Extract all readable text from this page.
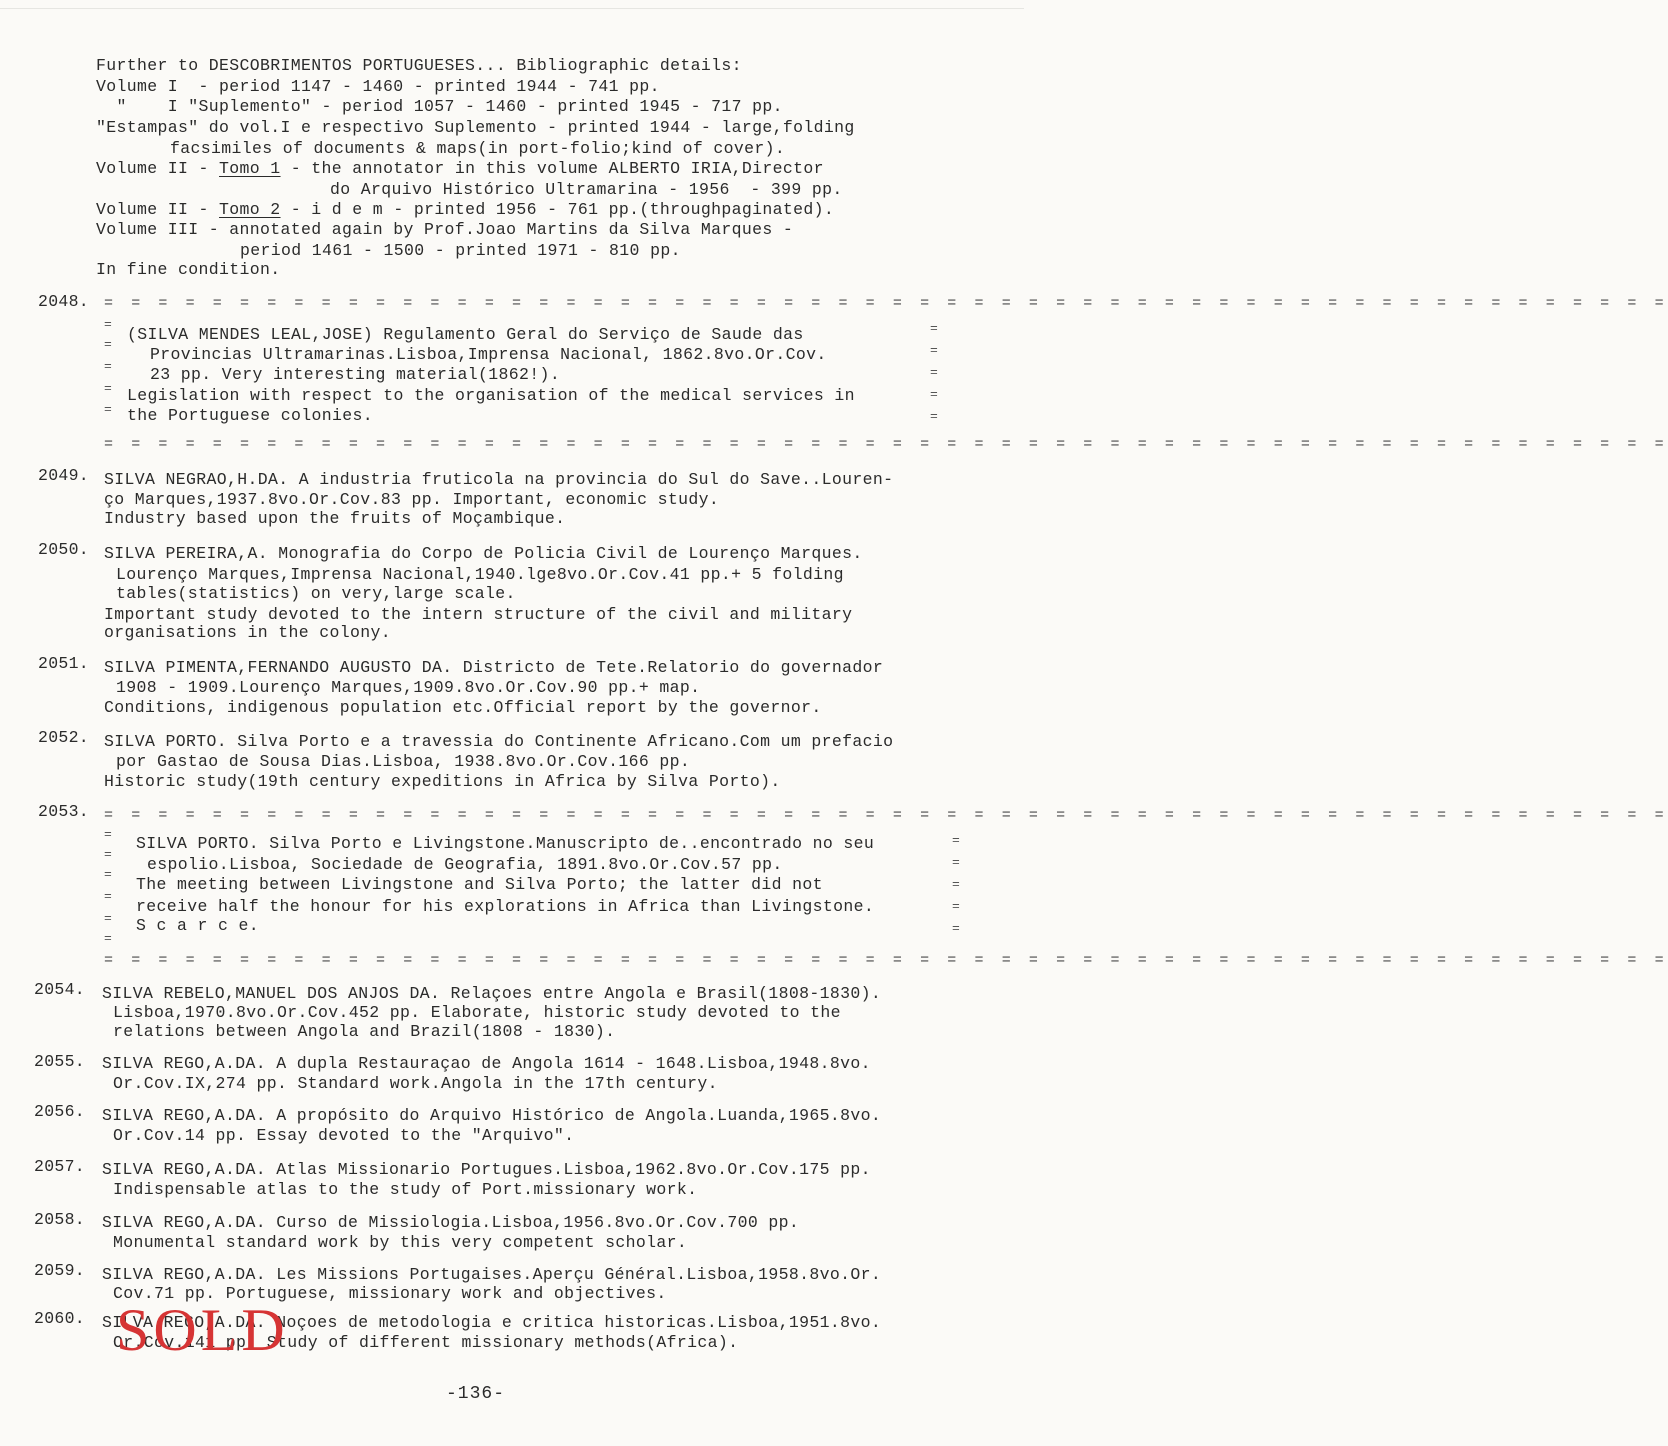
Further to DESCOBRIMENTOS PORTUGUESES... Bibliographic details:
Volume I  - period 1147 - 1460 - printed 1944 - 741 pp.
"    I "Suplemento" - period 1057 - 1460 - printed 1945 - 717 pp.
"Estampas" do vol.I e respectivo Suplemento - printed 1944 - large,folding
facsimiles of documents & maps(in port-folio;kind of cover).
Volume II - Tomo 1 - the annotator in this volume ALBERTO IRIA,Director
do Arquivo Histórico Ultramarina - 1956  - 399 pp.
Volume II - Tomo 2 - i d e m - printed 1956 - 761 pp.(throughpaginated).
Volume III - annotated again by Prof.Joao Martins da Silva Marques -
period 1461 - 1500 - printed 1971 - 810 pp.
In fine condition.
2048. = = = = = = = = = = = = = = = = = = = = = = = = = = = = = = = = = = = = = = = = = = = = = = = = = = = = = = = = = =
=
=
=
=
=
=
=
=
=
=
(SILVA MENDES LEAL,JOSE) Regulamento Geral do Serviço de Saude das
Provincias Ultramarinas.Lisboa,Imprensa Nacional, 1862.8vo.Or.Cov.
23 pp. Very interesting material(1862!).
Legislation with respect to the organisation of the medical services in
the Portuguese colonies.
= = = = = = = = = = = = = = = = = = = = = = = = = = = = = = = = = = = = = = = = = = = = = = = = = = = = = = = = = =
2049. SILVA NEGRAO,H.DA. A industria fruticola na provincia do Sul do Save..Louren-
ço Marques,1937.8vo.Or.Cov.83 pp. Important, economic study.
Industry based upon the fruits of Moçambique.
2050. SILVA PEREIRA,A. Monografia do Corpo de Policia Civil de Lourenço Marques.
Lourenço Marques,Imprensa Nacional,1940.lge8vo.Or.Cov.41 pp.+ 5 folding
tables(statistics) on very,large scale.
Important study devoted to the intern structure of the civil and military
organisations in the colony.
2051. SILVA PIMENTA,FERNANDO AUGUSTO DA. Districto de Tete.Relatorio do governador
1908 - 1909.Lourenço Marques,1909.8vo.Or.Cov.90 pp.+ map.
Conditions, indigenous population etc.Official report by the governor.
2052. SILVA PORTO. Silva Porto e a travessia do Continente Africano.Com um prefacio
por Gastao de Sousa Dias.Lisboa, 1938.8vo.Or.Cov.166 pp.
Historic study(19th century expeditions in Africa by Silva Porto).
2053. = = = = = = = = = = = = = = = = = = = = = = = = = = = = = = = = = = = = = = = = = = = = = = = = = = = = = = = = = =
=
=
=
=
=
=
=
=
=
=
=
SILVA PORTO. Silva Porto e Livingstone.Manuscripto de..encontrado no seu
espolio.Lisboa, Sociedade de Geografia, 1891.8vo.Or.Cov.57 pp.
The meeting between Livingstone and Silva Porto; the latter did not
receive half the honour for his explorations in Africa than Livingstone.
S c a r c e.
= = = = = = = = = = = = = = = = = = = = = = = = = = = = = = = = = = = = = = = = = = = = = = = = = = = = = = = = = =
2054. SILVA REBELO,MANUEL DOS ANJOS DA. Relaçoes entre Angola e Brasil(1808-1830).
Lisboa,1970.8vo.Or.Cov.452 pp. Elaborate, historic study devoted to the
relations between Angola and Brazil(1808 - 1830).
2055. SILVA REGO,A.DA. A dupla Restauraçao de Angola 1614 - 1648.Lisboa,1948.8vo.
Or.Cov.IX,274 pp. Standard work.Angola in the 17th century.
2056. SILVA REGO,A.DA. A propósito do Arquivo Histórico de Angola.Luanda,1965.8vo.
Or.Cov.14 pp. Essay devoted to the "Arquivo".
2057. SILVA REGO,A.DA. Atlas Missionario Portugues.Lisboa,1962.8vo.Or.Cov.175 pp.
Indispensable atlas to the study of Port.missionary work.
2058. SILVA REGO,A.DA. Curso de Missiologia.Lisboa,1956.8vo.Or.Cov.700 pp.
Monumental standard work by this very competent scholar.
2059. SILVA REGO,A.DA. Les Missions Portugaises.Aperçu Général.Lisboa,1958.8vo.Or.
Cov.71 pp. Portuguese, missionary work and objectives.
2060. SILVA REGO,A.DA. Noçoes de metodologia e critica historicas.Lisboa,1951.8vo.
Or.Cov.141 pp. Study of different missionary methods(Africa).
SOLD
-136-
